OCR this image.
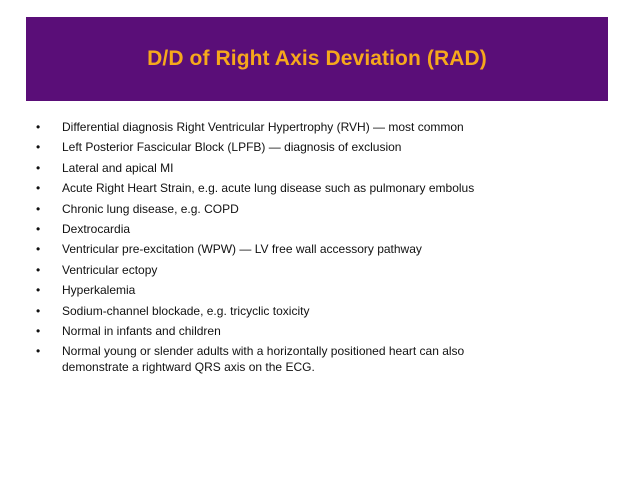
D/D of Right Axis Deviation (RAD)
•	Differential diagnosis Right Ventricular Hypertrophy (RVH) — most common
•	Left Posterior Fascicular Block (LPFB) — diagnosis of exclusion
•	Lateral and apical MI
•	Acute Right Heart Strain, e.g. acute lung disease such as pulmonary embolus
•	Chronic lung disease, e.g. COPD
•	Dextrocardia
•	Ventricular pre-excitation (WPW) — LV free wall accessory pathway
•	Ventricular ectopy
•	Hyperkalemia
•	Sodium-channel blockade, e.g. tricyclic toxicity
•	Normal in infants and children
•	Normal young or slender adults with a horizontally positioned heart can also
demonstrate a rightward QRS axis on the ECG.
